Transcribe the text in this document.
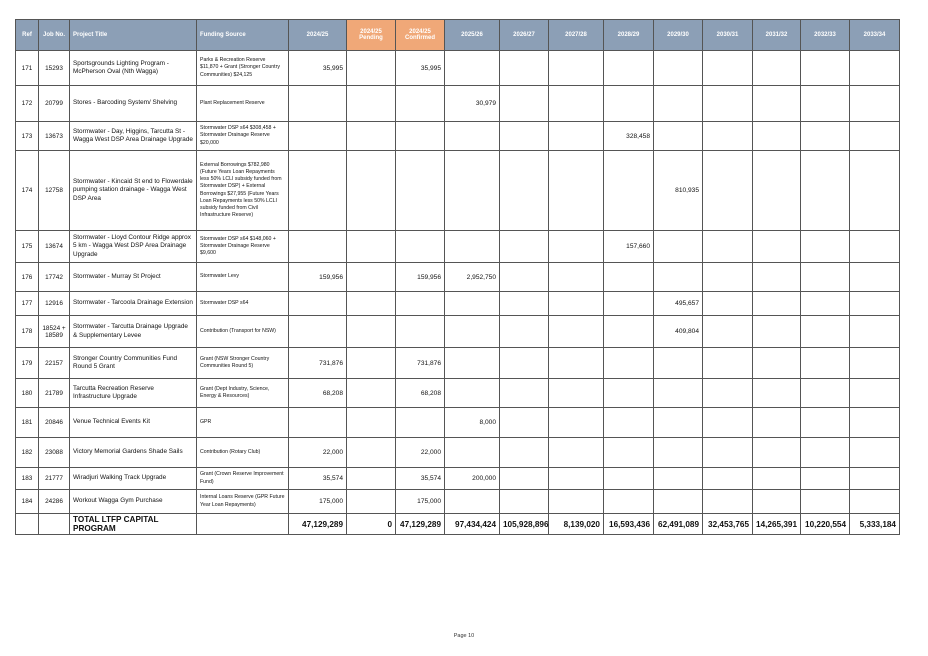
Ref	Job No.	Project Title	Funding Source	2024/25	2024/25 Pending	2024/25 Confirmed	2025/26	2026/27	2027/28	2028/29	2029/30	2030/31	2031/32	2032/33	2033/34
171	15293	Sportsgrounds Lighting Program - McPherson Oval (Nth Wagga)	Parks & Recreation Reserve $11,870 + Grant (Stronger Country Communities) $24,125	35,995		35,995									
172	20799	Stores - Barcoding System/ Shelving	Plant Replacement Reserve				30,979								
173	13673	Stormwater - Day, Higgins, Tarcutta St - Wagga West DSP Area Drainage Upgrade	Stormwater DSP s64 $308,458 + Stormwater Drainage Reserve $20,000							328,458					
174	12758	Stormwater - Kincaid St end to Flowerdale pumping station drainage - Wagga West DSP Area	External Borrowings $782,980 (Future Years Loan Repayments less 50% LCLI subsidy funded from Stormwater DSP) + External Borrowings $27,955 (Future Years Loan Repayments less 50% LCLI subsidy funded from Civil Infrastructure Reserve)								810,935				
175	13674	Stormwater - Lloyd Contour Ridge approx 5 km - Wagga West DSP Area Drainage Upgrade	Stormwater DSP s64 $148,060 + Stormwater Drainage Reserve $9,600							157,660					
176	17742	Stormwater - Murray St Project	Stormwater Levy	159,956		159,956	2,952,750								
177	12916	Stormwater - Tarcoola Drainage Extension	Stormwater DSP s64								495,657				
178	18524 + 18589	Stormwater - Tarcutta Drainage Upgrade & Supplementary Levee	Contribution (Transport for NSW)								409,804				
179	22157	Stronger Country Communities Fund Round 5 Grant	Grant (NSW Stronger Country Communities Round 5)	731,876		731,876									
180	21789	Tarcutta Recreation Reserve Infrastructure Upgrade	Grant (Dept Industry, Science, Energy & Resources)	68,208		68,208									
181	20846	Venue Technical Events Kit	GPR				8,000								
182	23088	Victory Memorial Gardens Shade Sails	Contribution (Rotary Club)	22,000		22,000									
183	21777	Wiradjuri Walking Track Upgrade	Grant (Crown Reserve Improvement Fund)	35,574		35,574	200,000								
184	24286	Workout Wagga Gym Purchase	Internal Loans Reserve (GPR Future Year Loan Repayments)	175,000		175,000									
		TOTAL LTFP CAPITAL PROGRAM		47,129,289	0	47,129,289	97,434,424	105,928,896	8,139,020	16,593,436	62,491,089	32,453,765	14,265,391	10,220,554	5,333,184
Page 10
